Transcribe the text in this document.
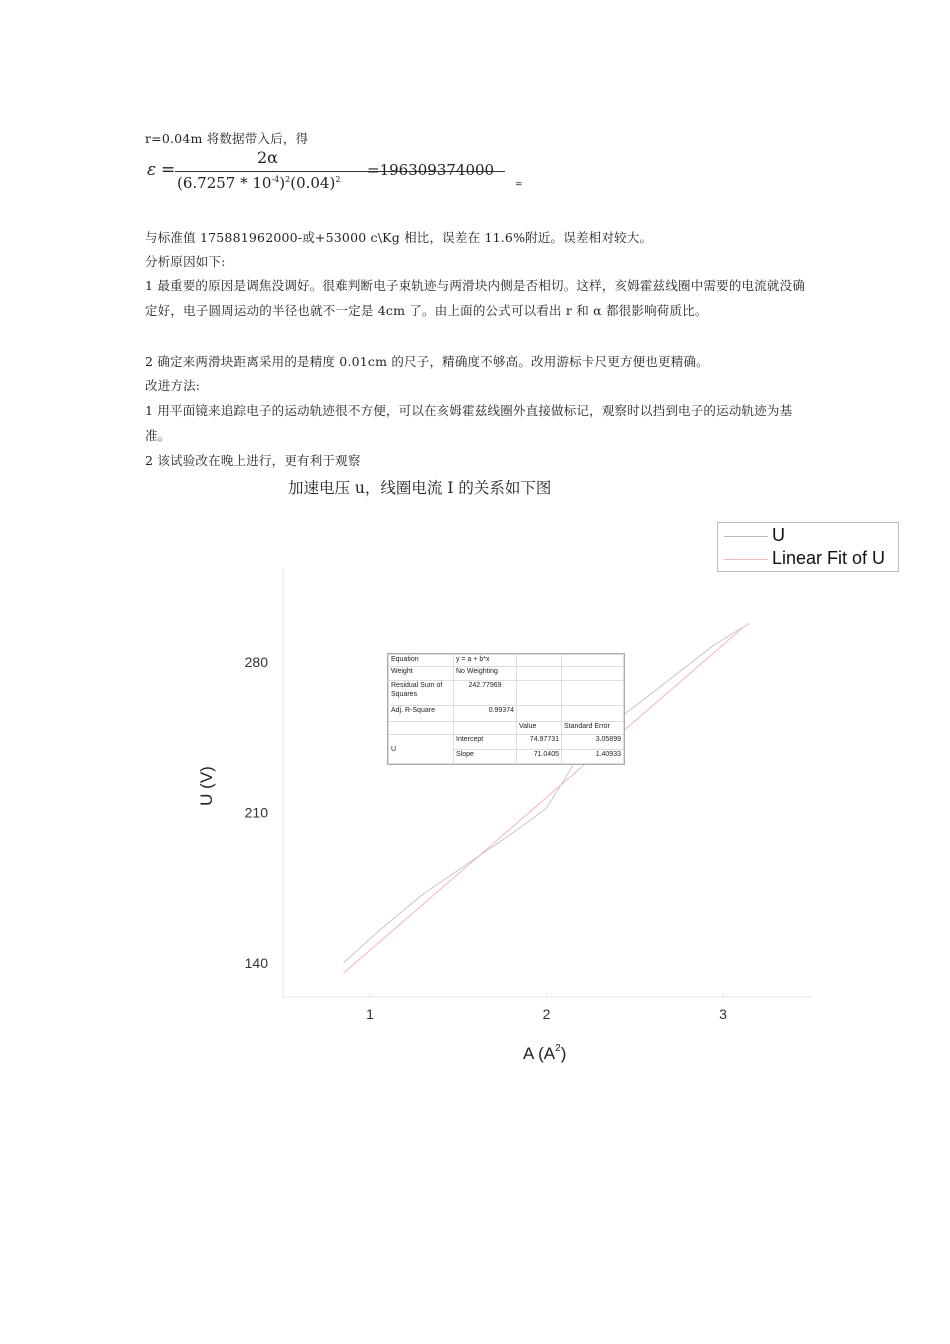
r=0.04m 将数据带入后，得
ε =
2α
$(6.7257 * 10^{-4})^2(0.04)^2$
=196309374000
=
与标准值 175881962000-或+53000 c\Kg 相比，误差在 11.6%附近。误差相对较大。
分析原因如下:
1 最重要的原因是调焦没调好。很难判断电子束轨迹与两滑块内侧是否相切。这样，亥姆霍兹线圈中需要的电流就没确定好，电子圆周运动的半径也就不一定是 4cm 了。由上面的公式可以看出 r 和 α 都很影响荷质比。
2 确定来两滑块距离采用的是精度 0.01cm 的尺子，精确度不够高。改用游标卡尺更方便也更精确。
改进方法:
1 用平面镜来追踪电子的运动轨迹很不方便，可以在亥姆霍兹线圈外直接做标记，观察时以挡到电子的运动轨迹为基准。
2 该试验改在晚上进行，更有利于观察
加速电压 u，线圈电流 I 的关系如下图
1	2	3
140
210
280
A $(A^2)$
U (V)
U
Linear Fit of U
Equation	y = a + b*x		
Weight	No Weighting		
Residual Sum of Squares	242.77969		
Adj. R-Square	0.99374		
		Value	Standard Error
U	Intercept	74.97731	3.05899
	Slope	71.0405	1.40933
